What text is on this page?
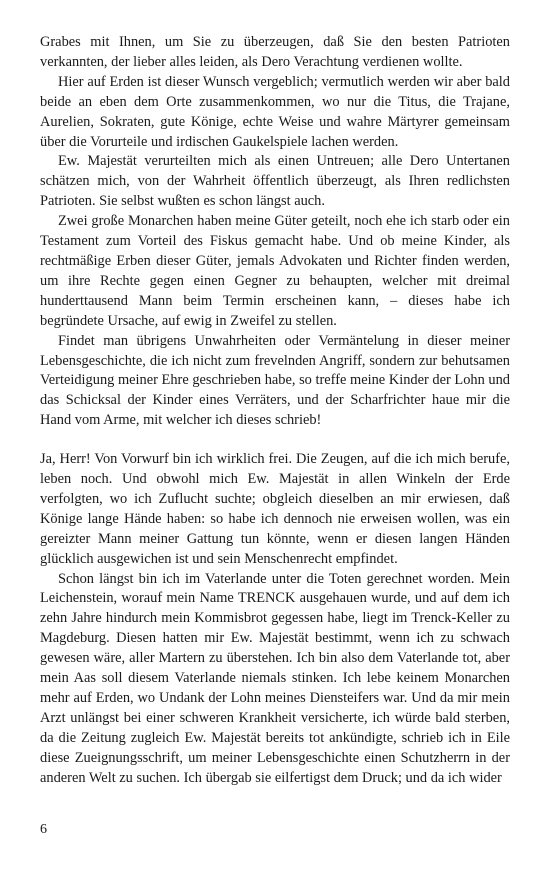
Grabes mit Ihnen, um Sie zu überzeugen, daß Sie den besten Patrioten verkannten, der lieber alles leiden, als Dero Verachtung verdienen wollte.

Hier auf Erden ist dieser Wunsch vergeblich; vermutlich werden wir aber bald beide an eben dem Orte zusammenkommen, wo nur die Titus, die Trajane, Aurelien, Sokraten, gute Könige, echte Weise und wahre Märtyrer gemeinsam über die Vorurteile und irdischen Gaukelspiele lachen werden.

Ew. Majestät verurteilten mich als einen Untreuen; alle Dero Untertanen schätzen mich, von der Wahrheit öffentlich überzeugt, als Ihren redlichsten Patrioten. Sie selbst wußten es schon längst auch.

Zwei große Monarchen haben meine Güter geteilt, noch ehe ich starb oder ein Testament zum Vorteil des Fiskus gemacht habe. Und ob meine Kinder, als rechtmäßige Erben dieser Güter, jemals Advokaten und Richter finden werden, um ihre Rechte gegen einen Gegner zu behaupten, welcher mit dreimal hunderttausend Mann beim Termin erscheinen kann, – dieses habe ich begründete Ursache, auf ewig in Zweifel zu stellen.

Findet man übrigens Unwahrheiten oder Vermäntelung in dieser meiner Lebensgeschichte, die ich nicht zum frevelnden Angriff, sondern zur behutsamen Verteidigung meiner Ehre geschrieben habe, so treffe meine Kinder der Lohn und das Schicksal der Kinder eines Verräters, und der Scharfrichter haue mir die Hand vom Arme, mit welcher ich dieses schrieb!

Ja, Herr! Von Vorwurf bin ich wirklich frei. Die Zeugen, auf die ich mich berufe, leben noch. Und obwohl mich Ew. Majestät in allen Winkeln der Erde verfolgten, wo ich Zuflucht suchte; obgleich dieselben an mir erwiesen, daß Könige lange Hände haben: so habe ich dennoch nie erweisen wollen, was ein gereizter Mann meiner Gattung tun könnte, wenn er diesen langen Händen glücklich ausgewichen ist und sein Menschenrecht empfindet.

Schon längst bin ich im Vaterlande unter die Toten gerechnet worden. Mein Leichenstein, worauf mein Name TRENCK ausgehauen wurde, und auf dem ich zehn Jahre hindurch mein Kommisbrot gegessen habe, liegt im Trenck-Keller zu Magdeburg. Diesen hatten mir Ew. Majestät bestimmt, wenn ich zu schwach gewesen wäre, aller Martern zu überstehen. Ich bin also dem Vaterlande tot, aber mein Aas soll diesem Vaterlande niemals stinken. Ich lebe keinem Monarchen mehr auf Erden, wo Undank der Lohn meines Diensteifers war. Und da mir mein Arzt unlängst bei einer schweren Krankheit versicherte, ich würde bald sterben, da die Zeitung zugleich Ew. Majestät bereits tot ankündigte, schrieb ich in Eile diese Zueignungsschrift, um meiner Lebensgeschichte einen Schutzherrn in der anderen Welt zu suchen. Ich übergab sie eilfertigst dem Druck; und da ich wider

6
